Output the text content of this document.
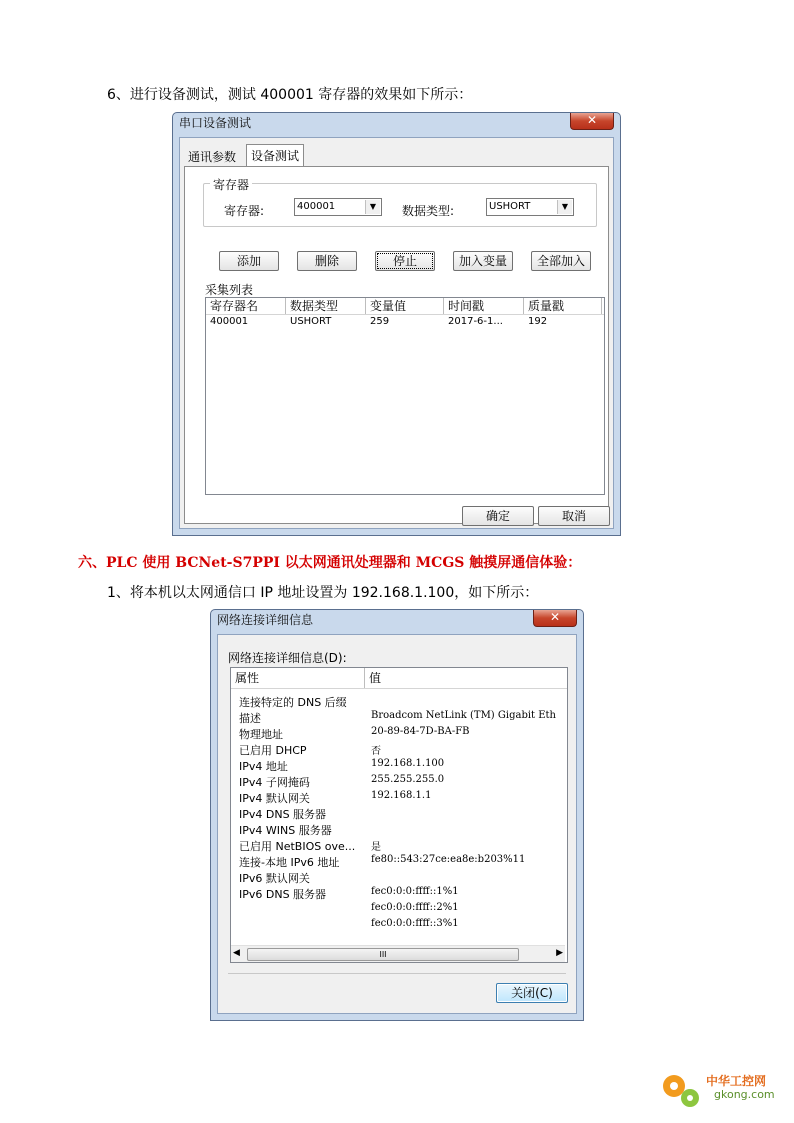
6、进行设备测试，测试 400001 寄存器的效果如下所示：
串口设备测试	✕
通讯参数	设备测试
寄存器
寄存器:	400001	▼	数据类型:	USHORT	▼
添加	删除	停止	加入变量	全部加入
采集列表
寄存器名	数据类型	变量值	时间戳	质量戳
400001	USHORT	259	2017-6-1...	192
确定	取消
六、PLC 使用 BCNet-S7PPI 以太网通讯处理器和 MCGS 触摸屏通信体验：
1、将本机以太网通信口 IP 地址设置为 192.168.1.100，如下所示：
网络连接详细信息	✕
网络连接详细信息(D):
属性	值
连接特定的 DNS 后缀
描述	Broadcom NetLink (TM) Gigabit Eth
物理地址	20-89-84-7D-BA-FB
已启用 DHCP	否
IPv4 地址	192.168.1.100
IPv4 子网掩码	255.255.255.0
IPv4 默认网关	192.168.1.1
IPv4 DNS 服务器
IPv4 WINS 服务器
已启用 NetBIOS ove... 是
连接-本地 IPv6 地址	fe80::543:27ce:ea8e:b203%11
IPv6 默认网关
IPv6 DNS 服务器	fec0:0:0:ffff::1%1
fec0:0:0:ffff::2%1
fec0:0:0:ffff::3%1
◀	III	▶
关闭(C)
中华工控网
gkong.com
